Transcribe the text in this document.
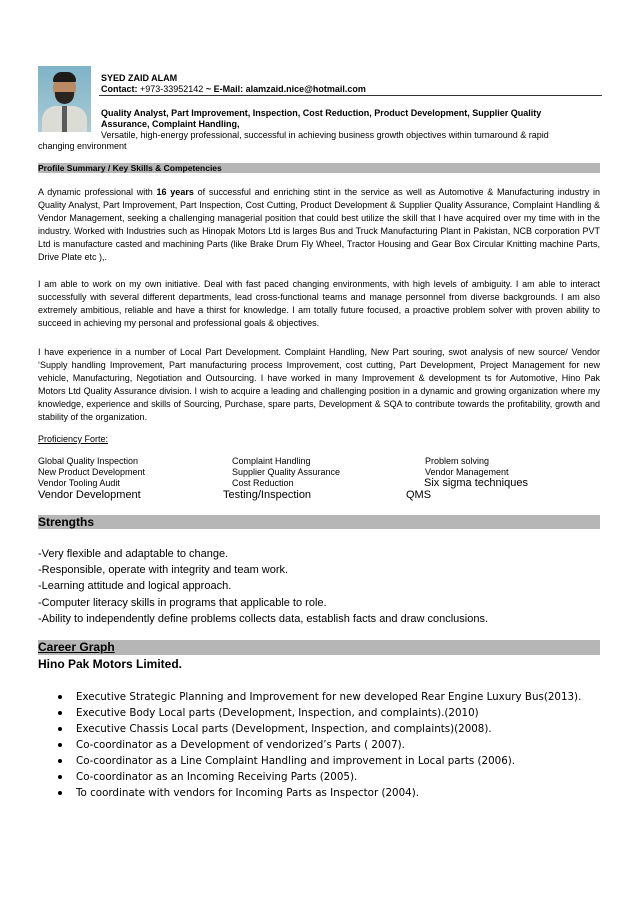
SYED ZAID ALAM
Contact: +973-33952142 ~ E-Mail: alamzaid.nice@hotmail.com
Quality Analyst, Part Improvement, Inspection, Cost Reduction, Product Development, Supplier Quality
Assurance, Complaint Handling,
Versatile, high-energy professional, successful in achieving business growth objectives within turnaround & rapid
changing environment
Profile Summary / Key Skills & Competencies
A dynamic professional with 16 years of successful and enriching stint in the service as well as Automotive & Manufacturing industry in Quality Analyst, Part Improvement, Part Inspection, Cost Cutting, Product Development & Supplier Quality Assurance, Complaint Handling & Vendor Management, seeking a challenging managerial position that could best utilize the skill that I have acquired over my time with in the industry. Worked with Industries such as Hinopak Motors Ltd is larges Bus and Truck Manufacturing Plant in Pakistan, NCB corporation PVT Ltd is manufacture casted and machining Parts (like Brake Drum Fly Wheel, Tractor Housing and Gear Box Circular Knitting machine Parts, Drive Plate etc ),.
I am able to work on my own initiative. Deal with fast paced changing environments, with high levels of ambiguity. I am able to interact successfully with several different departments, lead cross-functional teams and manage personnel from diverse backgrounds. I am also extremely ambitious, reliable and have a thirst for knowledge. I am totally future focused, a proactive problem solver with proven ability to succeed in achieving my personal and professional goals & objectives.
I have experience in a number of Local Part Development. Complaint Handling, New Part souring, swot analysis of new source/ Vendor ‘Supply handling Improvement, Part manufacturing process Improvement, cost cutting, Part Development, Project Management for new vehicle, Manufacturing, Negotiation and Outsourcing. I have worked in many Improvement & development ts for Automotive, Hino Pak Motors Ltd Quality Assurance division. I wish to acquire a leading and challenging position in a dynamic and growing organization where my knowledge, experience and skills of Sourcing, Purchase, spare parts, Development & SQA to contribute towards the profitability, growth and stability of the organization.
Proficiency Forte:
Global Quality Inspection
New Product Development
Vendor Tooling Audit
Vendor Development
Complaint Handling
Supplier Quality Assurance
Cost Reduction
Testing/Inspection
Problem solving
Vendor Management
Six sigma techniques
QMS
Strengths
-Very flexible and adaptable to change.
-Responsible, operate with integrity and team work.
-Learning attitude and logical approach.
-Computer literacy skills in programs that applicable to role.
-Ability to independently define problems collects data, establish facts and draw conclusions.
Career Graph
Hino Pak Motors Limited.
Executive Strategic Planning and Improvement for new developed Rear Engine Luxury Bus(2013).
Executive Body Local parts (Development, Inspection, and complaints).(2010)
Executive Chassis Local parts (Development, Inspection, and complaints)(2008).
Co-coordinator as a Development of vendorized’s Parts ( 2007).
Co-coordinator as a Line Complaint Handling and improvement in Local parts (2006).
Co-coordinator as an Incoming Receiving Parts (2005).
To coordinate with vendors for Incoming Parts as Inspector (2004).
